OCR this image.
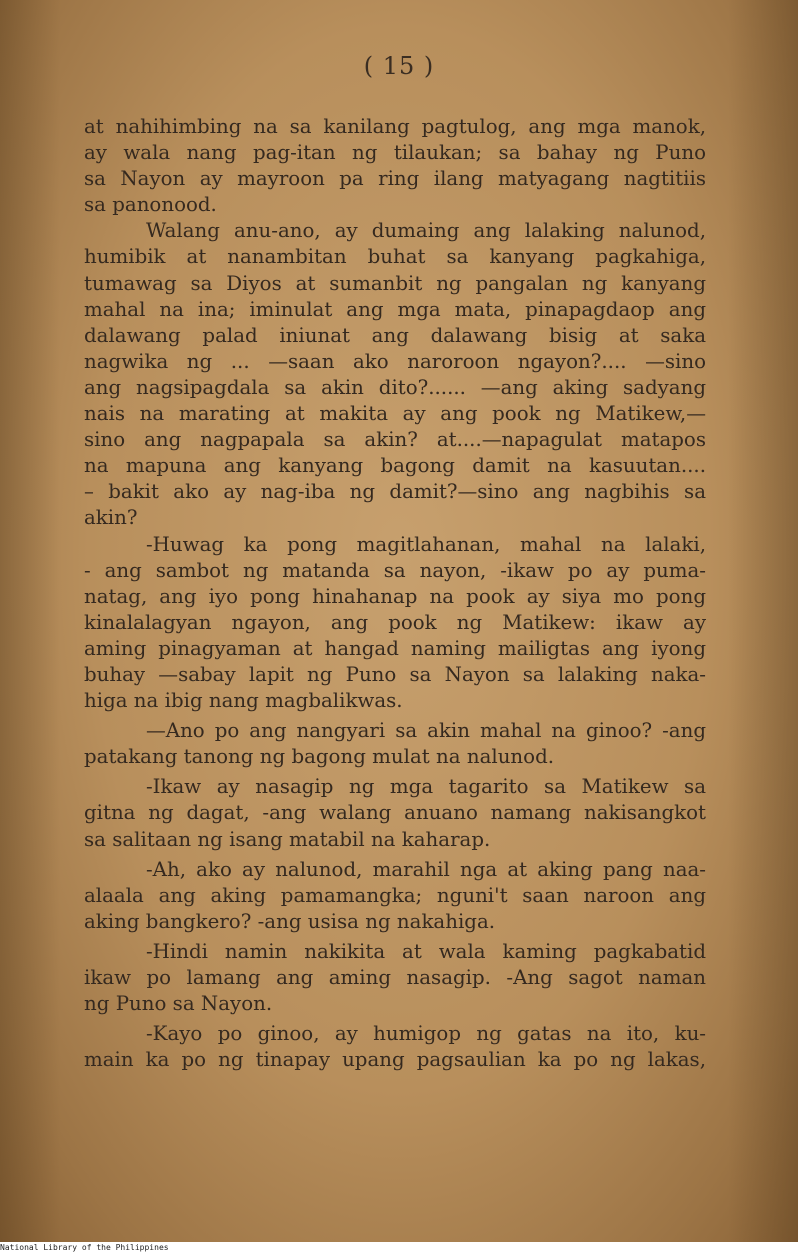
( 15 )
at nahihimbing na sa kanilang pagtulog, ang mga manok,
ay wala nang pag-itan ng tilaukan; sa bahay ng Puno
sa Nayon ay mayroon pa ring ilang matyagang nagtitiis
sa panonood.
Walang anu-ano, ay dumaing ang lalaking nalunod,
humibik at nanambitan buhat sa kanyang pagkahiga,
tumawag sa Diyos at sumanbit ng pangalan ng kanyang
mahal na ina; iminulat ang mga mata, pinapagdaop ang
dalawang palad iniunat ang dalawang bisig at saka
nagwika ng ... —saan ako naroroon ngayon?.... —sino
ang nagsipagdala sa akin dito?...... —ang aking sadyang
nais na marating at makita ay ang pook ng Matikew,—
sino ang nagpapala sa akin? at....—napagulat matapos
na mapuna ang kanyang bagong damit na kasuutan....
– bakit ako ay nag-iba ng damit?—sino ang nagbihis sa
akin?
-Huwag ka pong magitlahanan, mahal na lalaki,
- ang sambot ng matanda sa nayon, -ikaw po ay puma-
natag, ang iyo pong hinahanap na pook ay siya mo pong
kinalalagyan ngayon, ang pook ng Matikew: ikaw ay
aming pinagyaman at hangad naming mailigtas ang iyong
buhay —sabay lapit ng Puno sa Nayon sa lalaking naka-
higa na ibig nang magbalikwas.
—Ano po ang nangyari sa akin mahal na ginoo? -ang
patakang tanong ng bagong mulat na nalunod.
-Ikaw ay nasagip ng mga tagarito sa Matikew sa
gitna ng dagat, -ang walang anuano namang nakisangkot
sa salitaan ng isang matabil na kaharap.
-Ah, ako ay nalunod, marahil nga at aking pang naa-
alaala ang aking pamamangka; nguni't saan naroon ang
aking bangkero? -ang usisa ng nakahiga.
-Hindi namin nakikita at wala kaming pagkabatid
ikaw po lamang ang aming nasagip. -Ang sagot naman
ng Puno sa Nayon.
-Kayo po ginoo, ay humigop ng gatas na ito, ku-
main ka po ng tinapay upang pagsaulian ka po ng lakas,
National Library of the Philippines
